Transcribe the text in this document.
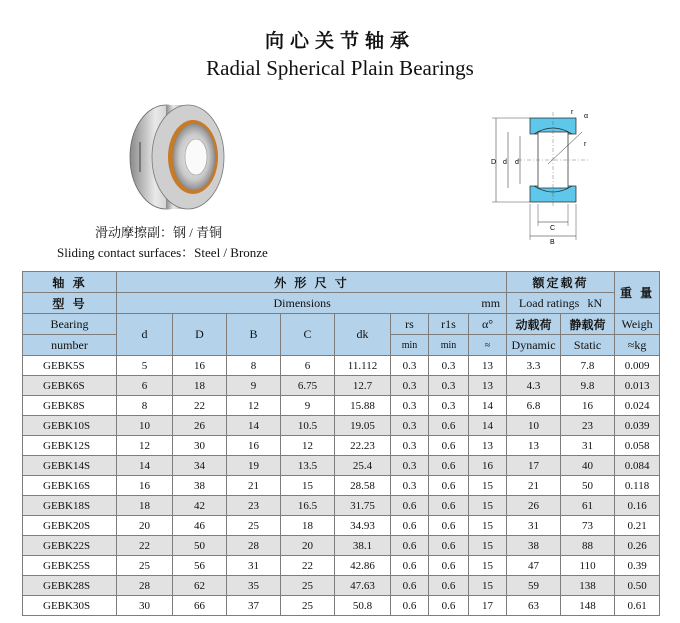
向心关节轴承
Radial Spherical Plain Bearings
滑动摩擦副：钢 / 青铜
Sliding contact surfaces：Steel / Bronze
D d d
C
B
r
α
r
轴 承	外 形 尺 寸								额定载荷		重 量
型 号	Dimensions mm								Load ratings kN		
Bearing	d	D	B	C	dk	rs	r1s	α°	动载荷	静载荷	Weigh
number						min	min	≈	Dynamic	Static	≈kg
GEBK5S	5	16	8	6	11.112	0.3	0.3	13	3.3	7.8	0.009
GEBK6S	6	18	9	6.75	12.7	0.3	0.3	13	4.3	9.8	0.013
GEBK8S	8	22	12	9	15.88	0.3	0.3	14	6.8	16	0.024
GEBK10S	10	26	14	10.5	19.05	0.3	0.6	14	10	23	0.039
GEBK12S	12	30	16	12	22.23	0.3	0.6	13	13	31	0.058
GEBK14S	14	34	19	13.5	25.4	0.3	0.6	16	17	40	0.084
GEBK16S	16	38	21	15	28.58	0.3	0.6	15	21	50	0.118
GEBK18S	18	42	23	16.5	31.75	0.6	0.6	15	26	61	0.16
GEBK20S	20	46	25	18	34.93	0.6	0.6	15	31	73	0.21
GEBK22S	22	50	28	20	38.1	0.6	0.6	15	38	88	0.26
GEBK25S	25	56	31	22	42.86	0.6	0.6	15	47	110	0.39
GEBK28S	28	62	35	25	47.63	0.6	0.6	15	59	138	0.50
GEBK30S	30	66	37	25	50.8	0.6	0.6	17	63	148	0.61
